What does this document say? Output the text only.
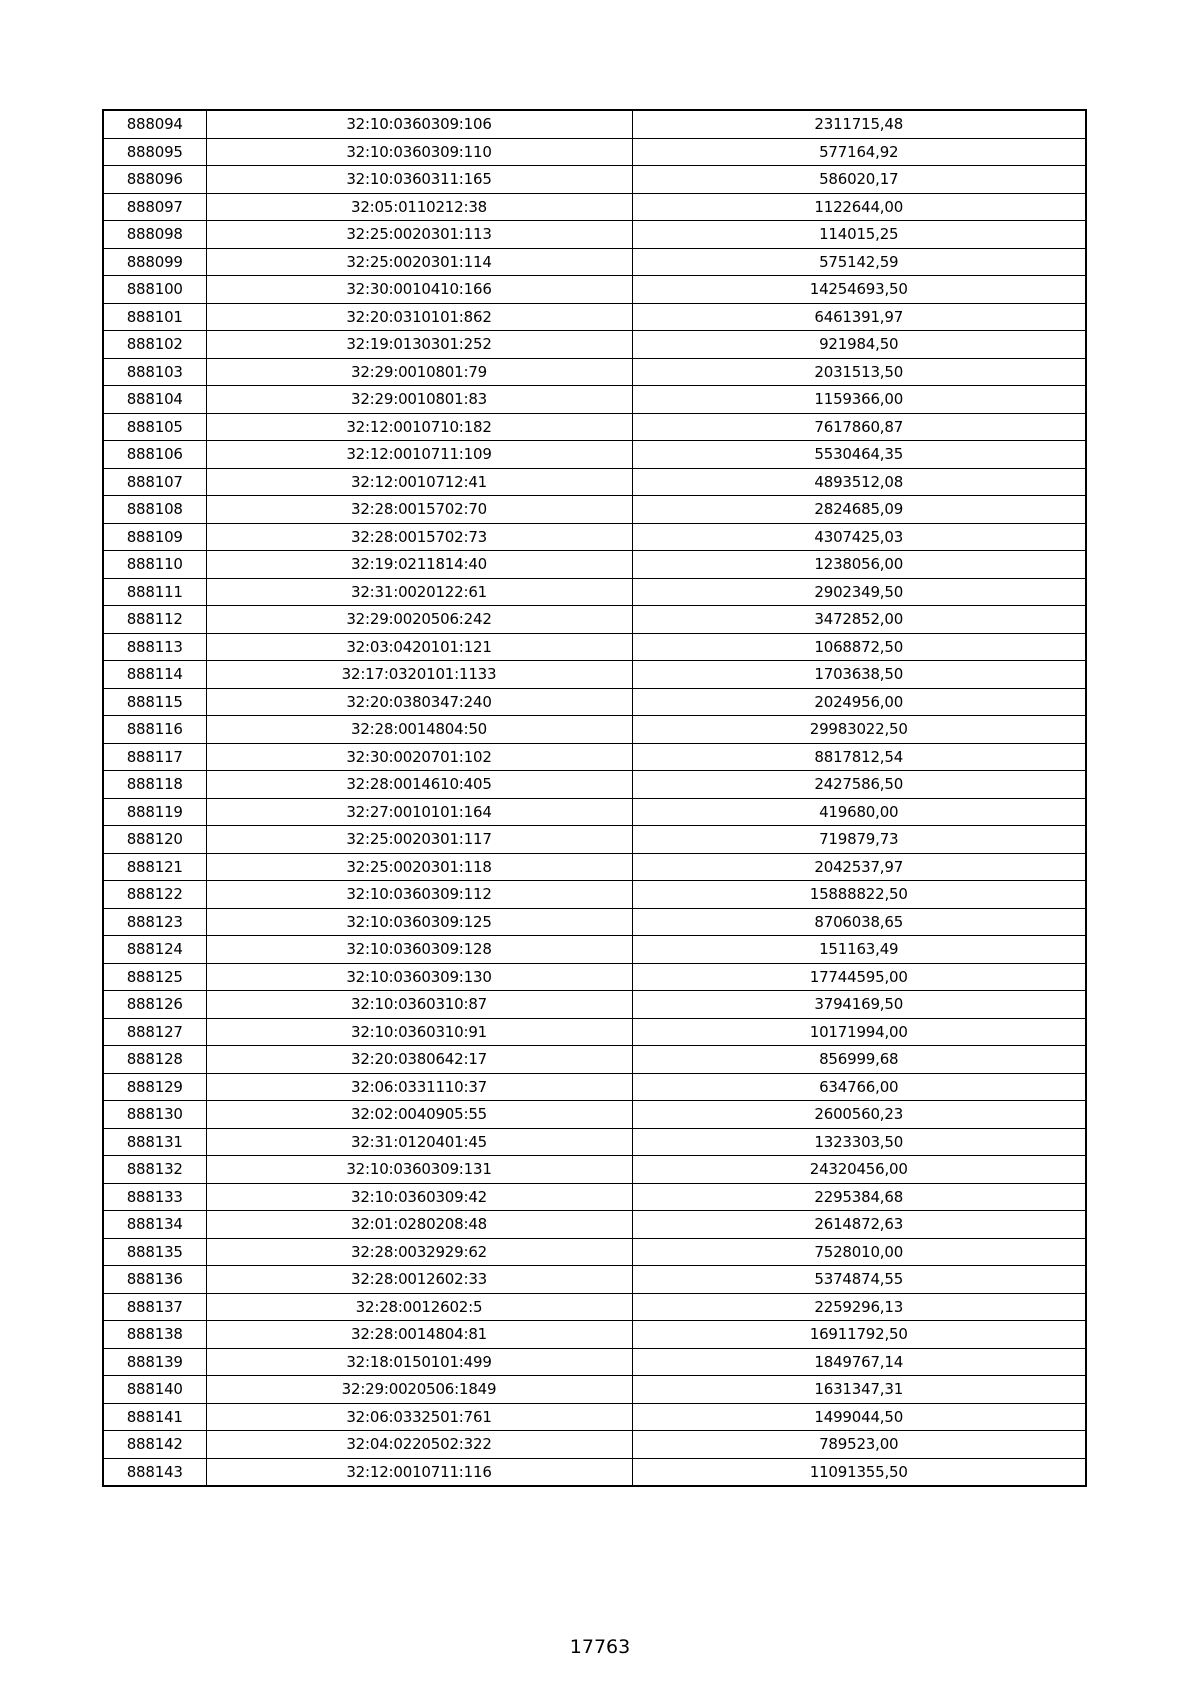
888094	32:10:0360309:106	2311715,48
888095	32:10:0360309:110	577164,92
888096	32:10:0360311:165	586020,17
888097	32:05:0110212:38	1122644,00
888098	32:25:0020301:113	114015,25
888099	32:25:0020301:114	575142,59
888100	32:30:0010410:166	14254693,50
888101	32:20:0310101:862	6461391,97
888102	32:19:0130301:252	921984,50
888103	32:29:0010801:79	2031513,50
888104	32:29:0010801:83	1159366,00
888105	32:12:0010710:182	7617860,87
888106	32:12:0010711:109	5530464,35
888107	32:12:0010712:41	4893512,08
888108	32:28:0015702:70	2824685,09
888109	32:28:0015702:73	4307425,03
888110	32:19:0211814:40	1238056,00
888111	32:31:0020122:61	2902349,50
888112	32:29:0020506:242	3472852,00
888113	32:03:0420101:121	1068872,50
888114	32:17:0320101:1133	1703638,50
888115	32:20:0380347:240	2024956,00
888116	32:28:0014804:50	29983022,50
888117	32:30:0020701:102	8817812,54
888118	32:28:0014610:405	2427586,50
888119	32:27:0010101:164	419680,00
888120	32:25:0020301:117	719879,73
888121	32:25:0020301:118	2042537,97
888122	32:10:0360309:112	15888822,50
888123	32:10:0360309:125	8706038,65
888124	32:10:0360309:128	151163,49
888125	32:10:0360309:130	17744595,00
888126	32:10:0360310:87	3794169,50
888127	32:10:0360310:91	10171994,00
888128	32:20:0380642:17	856999,68
888129	32:06:0331110:37	634766,00
888130	32:02:0040905:55	2600560,23
888131	32:31:0120401:45	1323303,50
888132	32:10:0360309:131	24320456,00
888133	32:10:0360309:42	2295384,68
888134	32:01:0280208:48	2614872,63
888135	32:28:0032929:62	7528010,00
888136	32:28:0012602:33	5374874,55
888137	32:28:0012602:5	2259296,13
888138	32:28:0014804:81	16911792,50
888139	32:18:0150101:499	1849767,14
888140	32:29:0020506:1849	1631347,31
888141	32:06:0332501:761	1499044,50
888142	32:04:0220502:322	789523,00
888143	32:12:0010711:116	11091355,50
17763
